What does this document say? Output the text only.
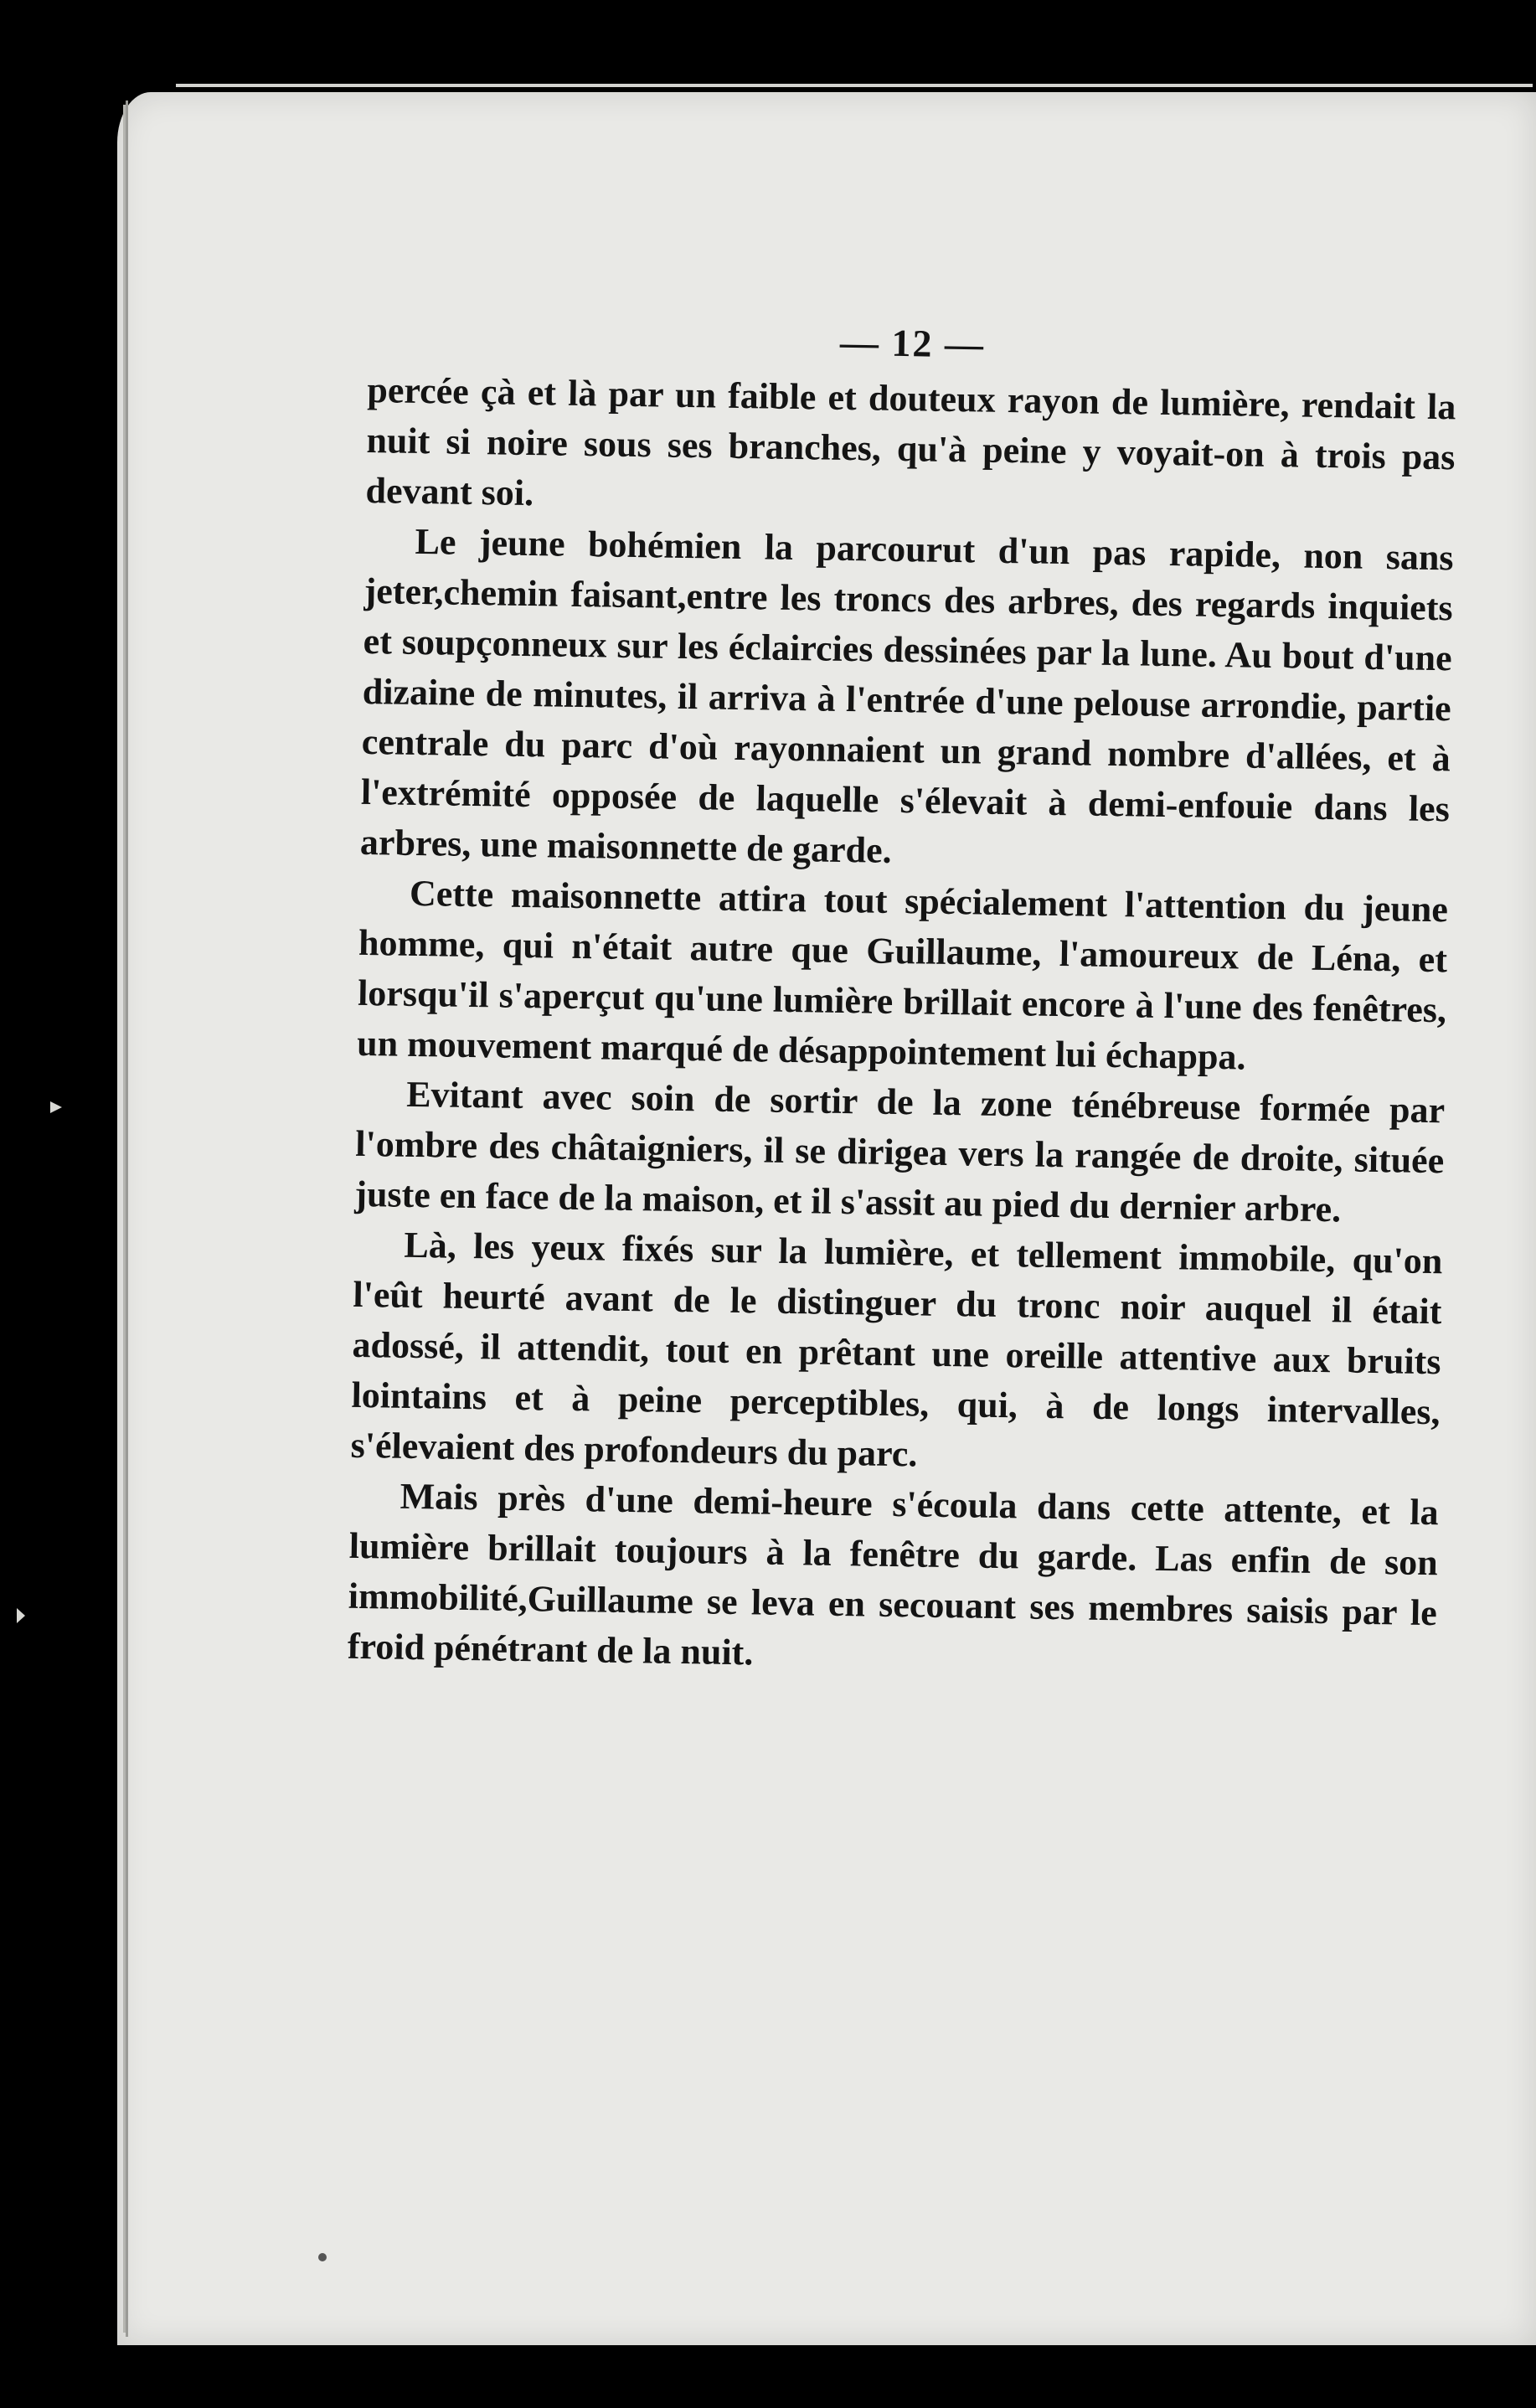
— 12 —

percée çà et là par un faible et douteux rayon de lumière, rendait la nuit si noire sous ses branches, qu'à peine y voyait-on à trois pas devant soi.

Le jeune bohémien la parcourut d'un pas rapide, non sans jeter,chemin faisant,entre les troncs des arbres, des regards inquiets et soupçonneux sur les éclaircies dessinées par la lune. Au bout d'une dizaine de minutes, il arriva à l'entrée d'une pelouse arrondie, partie centrale du parc d'où rayonnaient un grand nombre d'allées, et à l'extrémité opposée de laquelle s'élevait à demi-enfouie dans les arbres, une maisonnette de garde.

Cette maisonnette attira tout spécialement l'attention du jeune homme, qui n'était autre que Guillaume, l'amoureux de Léna, et lorsqu'il s'aperçut qu'une lumière brillait encore à l'une des fenêtres, un mouvement marqué de désappointement lui échappa.

Evitant avec soin de sortir de la zone ténébreuse formée par l'ombre des châtaigniers, il se dirigea vers la rangée de droite, située juste en face de la maison, et il s'assit au pied du dernier arbre.

Là, les yeux fixés sur la lumière, et tellement immobile, qu'on l'eût heurté avant de le distinguer du tronc noir auquel il était adossé, il attendit, tout en prêtant une oreille attentive aux bruits lointains et à peine perceptibles, qui, à de longs intervalles, s'élevaient des profondeurs du parc.

Mais près d'une demi-heure s'écoula dans cette attente, et la lumière brillait toujours à la fenêtre du garde. Las enfin de son immobilité,Guillaume se leva en secouant ses membres saisis par le froid pénétrant de la nuit.
